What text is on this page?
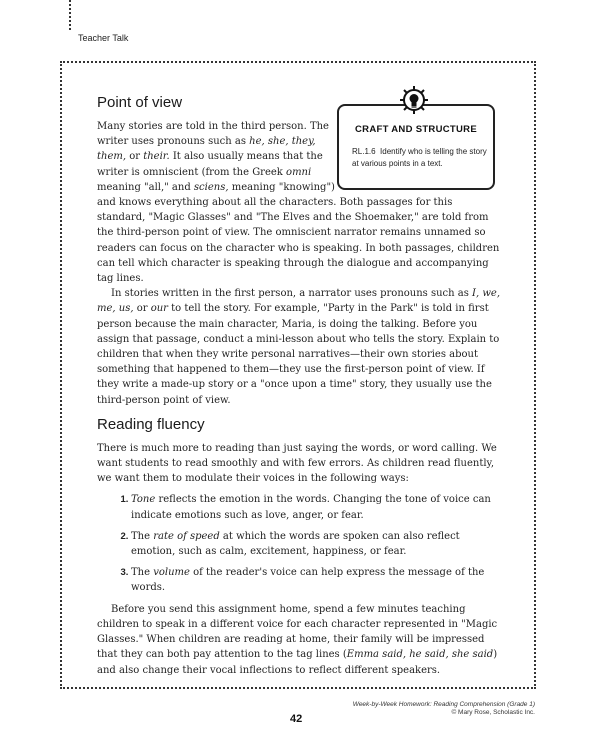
Teacher Talk
CRAFT AND STRUCTURE
RL.1.6 Identify who is telling the story at various points in a text.
Point of view

Many stories are told in the third person. The writer uses pronouns such as he, she, they, them, or their. It also usually means that the writer is omniscient (from the Greek omni meaning "all," and sciens, meaning "knowing") and knows everything about all the characters. Both passages for this standard, "Magic Glasses" and "The Elves and the Shoemaker," are told from the third-person point of view. The omniscient narrator remains unnamed so readers can focus on the character who is speaking. In both passages, children can tell which character is speaking through the dialogue and accompanying tag lines.

In stories written in the first person, a narrator uses pronouns such as I, we, me, us, or our to tell the story. For example, "Party in the Park" is told in first person because the main character, Maria, is doing the talking. Before you assign that passage, conduct a mini-lesson about who tells the story. Explain to children that when they write personal narratives—their own stories about something that happened to them—they use the first-person point of view. If they write a made-up story or a "once upon a time" story, they usually use the third-person point of view.

Reading fluency

There is much more to reading than just saying the words, or word calling. We want students to read smoothly and with few errors. As children read fluently, we want them to modulate their voices in the following ways:

1. Tone reflects the emotion in the words. Changing the tone of voice can indicate emotions such as love, anger, or fear.
2. The rate of speed at which the words are spoken can also reflect emotion, such as calm, excitement, happiness, or fear.
3. The volume of the reader's voice can help express the message of the words.

Before you send this assignment home, spend a few minutes teaching children to speak in a different voice for each character represented in "Magic Glasses." When children are reading at home, their family will be impressed that they can both pay attention to the tag lines (Emma said, he said, she said) and also change their vocal inflections to reflect different speakers.

42
Week-by-Week Homework: Reading Comprehension (Grade 1)
© Mary Rose, Scholastic Inc.
